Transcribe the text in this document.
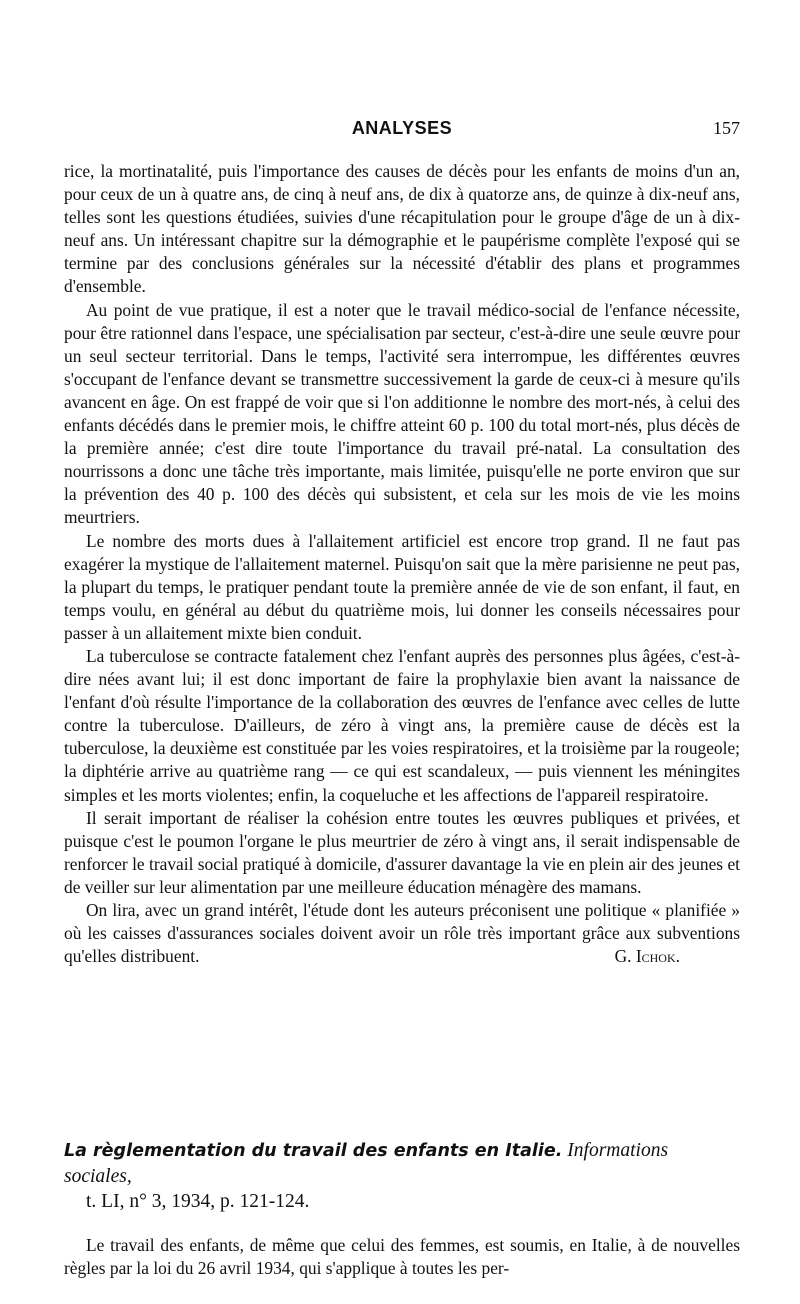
ANALYSES	157

rice, la mortinatalité, puis l'importance des causes de décès pour les enfants de moins d'un an, pour ceux de un à quatre ans, de cinq à neuf ans, de dix à quatorze ans, de quinze à dix-neuf ans, telles sont les questions étudiées, suivies d'une récapitulation pour le groupe d'âge de un à dix-neuf ans. Un intéressant chapitre sur la démographie et le paupérisme complète l'exposé qui se termine par des conclusions générales sur la nécessité d'établir des plans et programmes d'ensemble.

Au point de vue pratique, il est a noter que le travail médico-social de l'enfance nécessite, pour être rationnel dans l'espace, une spécialisation par secteur, c'est-à-dire une seule œuvre pour un seul secteur territorial. Dans le temps, l'activité sera interrompue, les différentes œuvres s'occupant de l'enfance devant se transmettre successivement la garde de ceux-ci à mesure qu'ils avancent en âge. On est frappé de voir que si l'on additionne le nombre des mort-nés, à celui des enfants décédés dans le premier mois, le chiffre atteint 60 p. 100 du total mort-nés, plus décès de la première année; c'est dire toute l'importance du travail pré-natal. La consultation des nourrissons a donc une tâche très importante, mais limitée, puisqu'elle ne porte environ que sur la prévention des 40 p. 100 des décès qui subsistent, et cela sur les mois de vie les moins meurtriers.

Le nombre des morts dues à l'allaitement artificiel est encore trop grand. Il ne faut pas exagérer la mystique de l'allaitement maternel. Puisqu'on sait que la mère parisienne ne peut pas, la plupart du temps, le pratiquer pendant toute la première année de vie de son enfant, il faut, en temps voulu, en général au début du quatrième mois, lui donner les conseils nécessaires pour passer à un allaitement mixte bien conduit.

La tuberculose se contracte fatalement chez l'enfant auprès des personnes plus âgées, c'est-à-dire nées avant lui; il est donc important de faire la prophylaxie bien avant la naissance de l'enfant d'où résulte l'importance de la collaboration des œuvres de l'enfance avec celles de lutte contre la tuberculose. D'ailleurs, de zéro à vingt ans, la première cause de décès est la tuberculose, la deuxième est constituée par les voies respiratoires, et la troisième par la rougeole; la diphtérie arrive au quatrième rang — ce qui est scandaleux, — puis viennent les méningites simples et les morts violentes; enfin, la coqueluche et les affections de l'appareil respiratoire.

Il serait important de réaliser la cohésion entre toutes les œuvres publiques et privées, et puisque c'est le poumon l'organe le plus meurtrier de zéro à vingt ans, il serait indispensable de renforcer le travail social pratiqué à domicile, d'assurer davantage la vie en plein air des jeunes et de veiller sur leur alimentation par une meilleure éducation ménagère des mamans.

On lira, avec un grand intérêt, l'étude dont les auteurs préconisent une politique « planifiée » où les caisses d'assurances sociales doivent avoir un rôle très important grâce aux subventions qu'elles distribuent.	G. Ichok.

La règlementation du travail des enfants en Italie. Informations sociales,
t. LI, n° 3, 1934, p. 121-124.

Le travail des enfants, de même que celui des femmes, est soumis, en Italie, à de nouvelles règles par la loi du 26 avril 1934, qui s'applique à toutes les per-
